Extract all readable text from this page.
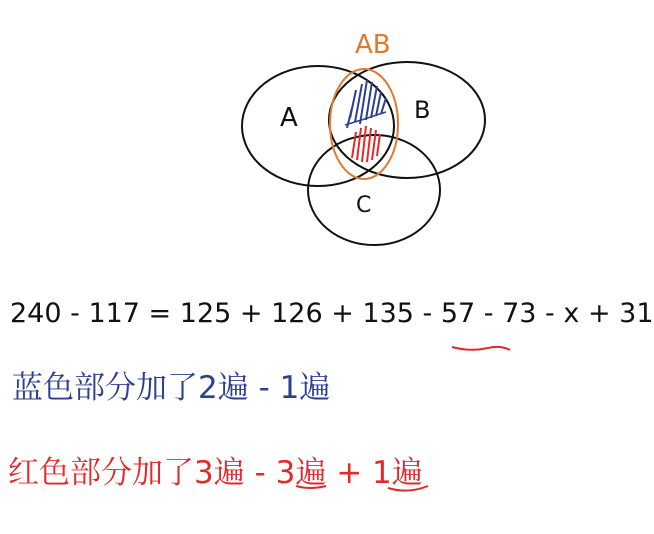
AB
A	B
C
240 - 117 = 125 + 126 + 135 - 57 - 73 - x + 31
蓝色部分加了2遍 - 1遍
红色部分加了3遍 - 3遍 + 1遍
